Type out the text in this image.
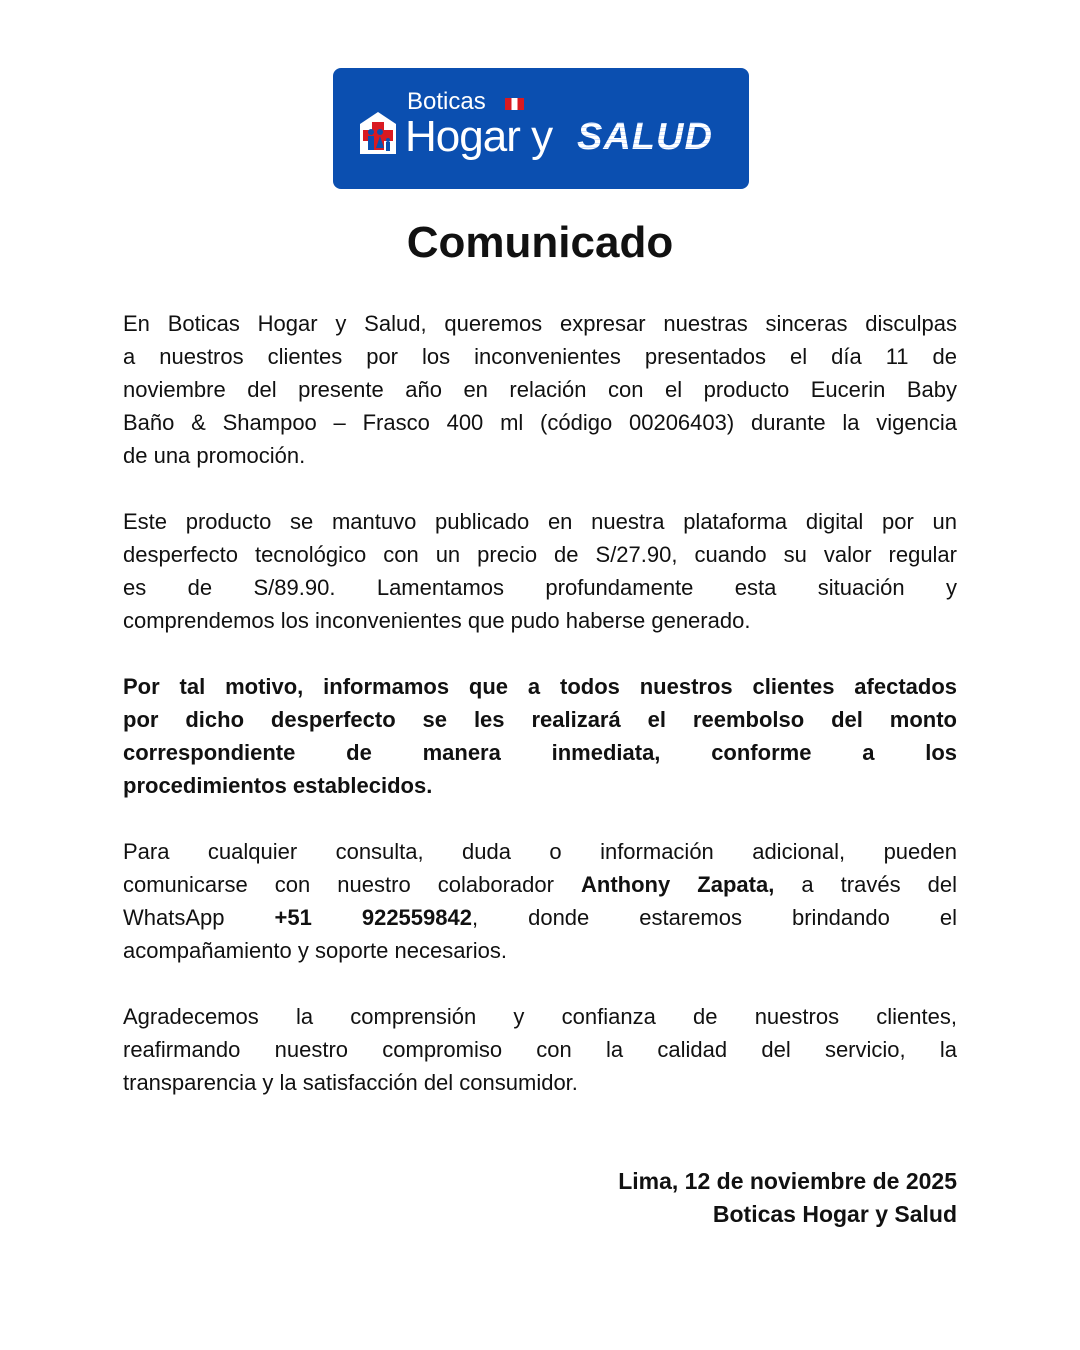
Boticas
Hogar y SALUD
Comunicado
En Boticas Hogar y Salud, queremos expresar nuestras sinceras disculpas
a nuestros clientes por los inconvenientes presentados el día 11 de
noviembre del presente año en relación con el producto Eucerin Baby
Baño & Shampoo – Frasco 400 ml (código 00206403) durante la vigencia
de una promoción.
Este producto se mantuvo publicado en nuestra plataforma digital por un
desperfecto tecnológico con un precio de S/27.90, cuando su valor regular
es de S/89.90. Lamentamos profundamente esta situación y
comprendemos los inconvenientes que pudo haberse generado.
Por tal motivo, informamos que a todos nuestros clientes afectados
por dicho desperfecto se les realizará el reembolso del monto
correspondiente de manera inmediata, conforme a los
procedimientos establecidos.
Para cualquier consulta, duda o información adicional, pueden
comunicarse con nuestro colaborador Anthony Zapata, a través del
WhatsApp +51 922559842, donde estaremos brindando el
acompañamiento y soporte necesarios.
Agradecemos la comprensión y confianza de nuestros clientes,
reafirmando nuestro compromiso con la calidad del servicio, la
transparencia y la satisfacción del consumidor.
Lima, 12 de noviembre de 2025
Boticas Hogar y Salud
